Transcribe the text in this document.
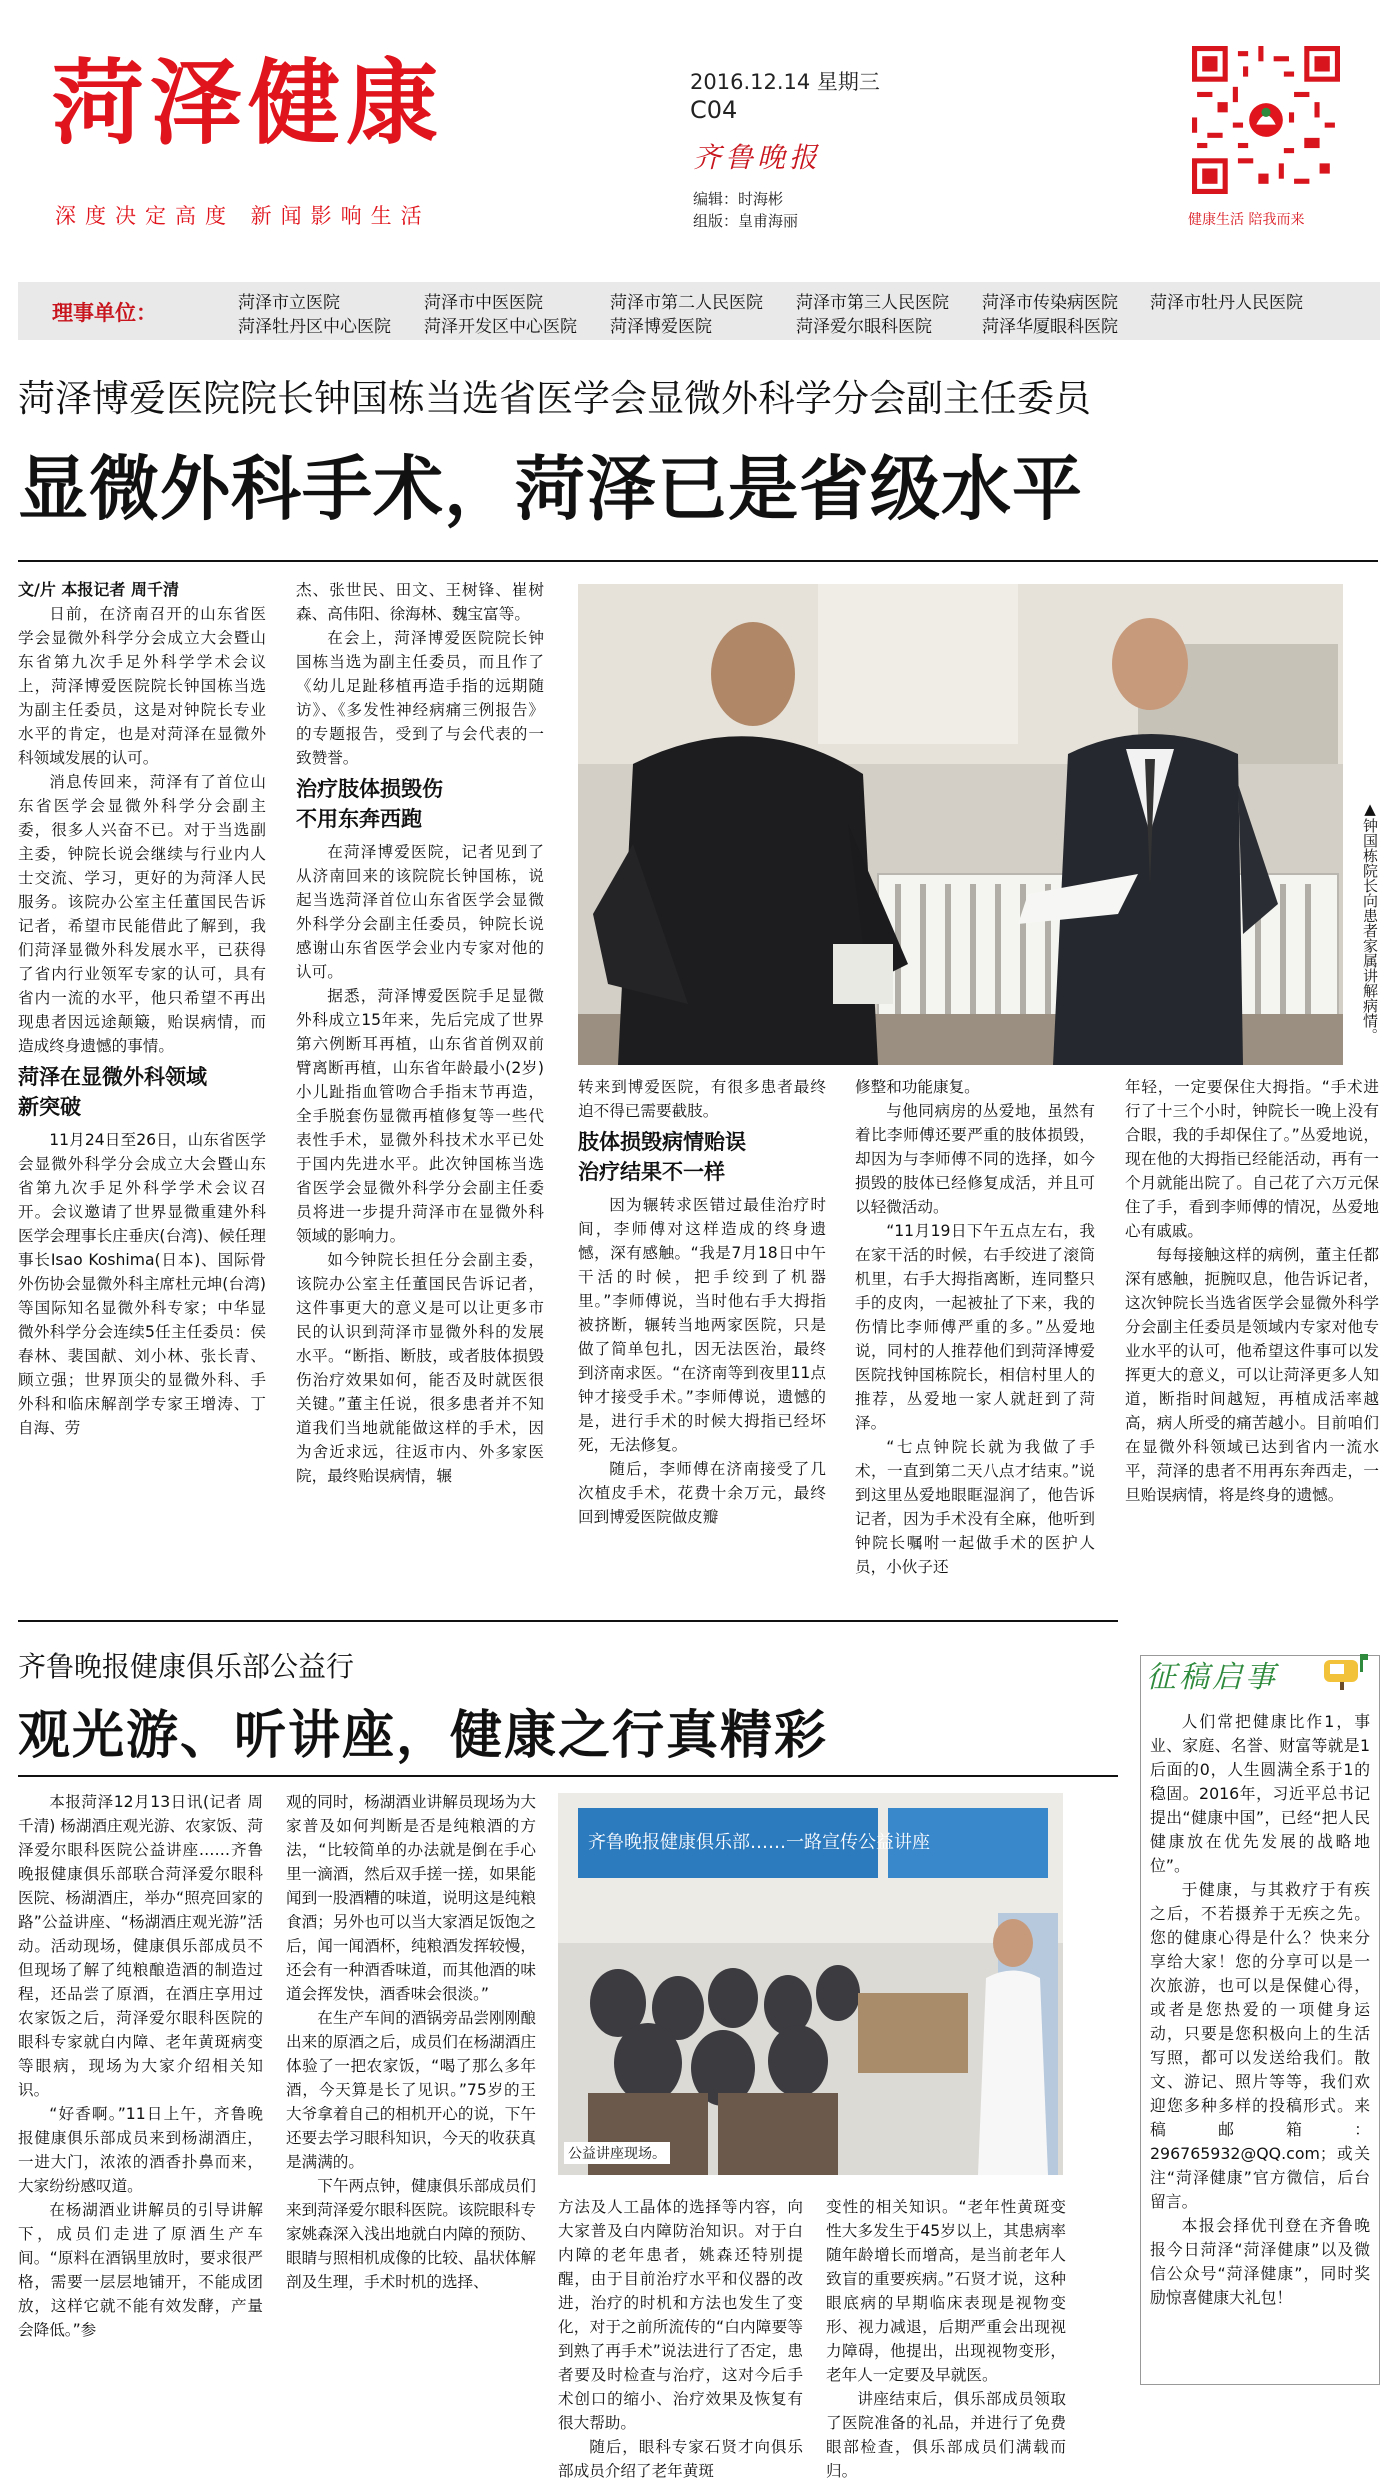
菏泽健康
深度决定高度 新闻影响生活
2016.12.14 星期三
C04
齐鲁晚报
编辑：时海彬
组版：皇甫海丽	健康生活 陪我而来
理事单位：	菏泽市立医院	菏泽市中医医院	菏泽市第二人民医院 菏泽市第三人民医院 菏泽市传染病医院 菏泽市牡丹人民医院
菏泽牡丹区中心医院 菏泽开发区中心医院 菏泽博爱医院	菏泽爱尔眼科医院	菏泽华厦眼科医院
菏泽博爱医院院长钟国栋当选省医学会显微外科学分会副主任委员
显微外科手术，菏泽已是省级水平

文/片 本报记者 周千清

日前，在济南召开的山东省医学会显微外科学分会成立大会暨山东省第九次手足外科学学术会议上，菏泽博爱医院院长钟国栋当选为副主任委员，这是对钟院长专业水平的肯定，也是对菏泽在显微外科领域发展的认可。

消息传回来，菏泽有了首位山东省医学会显微外科学分会副主委，很多人兴奋不已。对于当选副主委，钟院长说会继续与行业内人士交流、学习，更好的为菏泽人民服务。该院办公室主任董国民告诉记者，希望市民能借此了解到，我们菏泽显微外科发展水平，已获得了省内行业领军专家的认可，具有省内一流的水平，他只希望不再出现患者因远途颠簸，贻误病情，而造成终身遗憾的事情。

菏泽在显微外科领域
新突破

11月24日至26日，山东省医学会显微外科学分会成立大会暨山东省第九次手足外科学学术会议召开。会议邀请了世界显微重建外科医学会理事长庄垂庆(台湾)、候任理事长Isao Koshima(日本)、国际骨外伤协会显微外科主席杜元坤(台湾)等国际知名显微外科专家；中华显微外科学分会连续5任主任委员：侯春林、裴国献、刘小林、张长青、顾立强；世界顶尖的显微外科、手外科和临床解剖学专家王增涛、丁自海、劳

杰、张世民、田文、王树锋、崔树森、高伟阳、徐海林、魏宝富等。

在会上，菏泽博爱医院院长钟国栋当选为副主任委员，而且作了《幼儿足趾移植再造手指的远期随访》、《多发性神经病痛三例报告》的专题报告，受到了与会代表的一致赞誉。

治疗肢体损毁伤
不用东奔西跑

在菏泽博爱医院，记者见到了从济南回来的该院院长钟国栋，说起当选菏泽首位山东省医学会显微外科学分会副主任委员，钟院长说感谢山东省医学会业内专家对他的认可。

据悉，菏泽博爱医院手足显微外科成立15年来，先后完成了世界第六例断耳再植，山东省首例双前臂离断再植，山东省年龄最小(2岁)小儿趾指血管吻合手指末节再造，全手脱套伤显微再植修复等一些代表性手术，显微外科技术水平已处于国内先进水平。此次钟国栋当选省医学会显微外科学分会副主任委员将进一步提升菏泽市在显微外科领域的影响力。

如今钟院长担任分会副主委，该院办公室主任董国民告诉记者，这件事更大的意义是可以让更多市民的认识到菏泽市显微外科的发展水平。“断指、断肢，或者肢体损毁伤治疗效果如何，能否及时就医很关键。”董主任说，很多患者并不知道我们当地就能做这样的手术，因为舍近求远，往返市内、外多家医院，最终贻误病情，辗

▲钟国栋院长向患者家属讲解病情。

转来到博爱医院，有很多患者最终迫不得已需要截肢。

肢体损毁病情贻误
治疗结果不一样

因为辗转求医错过最佳治疗时间，李师傅对这样造成的终身遗憾，深有感触。“我是7月18日中午干活的时候，把手绞到了机器里。”李师傅说，当时他右手大拇指被挤断，辗转当地两家医院，只是做了简单包扎，因无法医治，最终到济南求医。“在济南等到夜里11点钟才接受手术。”李师傅说，遗憾的是，进行手术的时候大拇指已经坏死，无法修复。

随后，李师傅在济南接受了几次植皮手术，花费十余万元，最终回到博爱医院做皮瓣

修整和功能康复。

与他同病房的丛爱地，虽然有着比李师傅还要严重的肢体损毁，却因为与李师傅不同的选择，如今损毁的肢体已经修复成活，并且可以轻微活动。

“11月19日下午五点左右，我在家干活的时候，右手绞进了滚筒机里，右手大拇指离断，连同整只手的皮肉，一起被扯了下来，我的伤情比李师傅严重的多。”丛爱地说，同村的人推荐他们到菏泽博爱医院找钟国栋院长，相信村里人的推荐，丛爱地一家人就赶到了菏泽。

“七点钟院长就为我做了手术，一直到第二天八点才结束。”说到这里丛爱地眼眶湿润了，他告诉记者，因为手术没有全麻，他听到钟院长嘱咐一起做手术的医护人员，小伙子还

年轻，一定要保住大拇指。“手术进行了十三个小时，钟院长一晚上没有合眼，我的手却保住了。”丛爱地说，现在他的大拇指已经能活动，再有一个月就能出院了。自己花了六万元保住了手，看到李师傅的情况，丛爱地心有戚戚。

每每接触这样的病例，董主任都深有感触，扼腕叹息，他告诉记者，这次钟院长当选省医学会显微外科学分会副主任委员是领域内专家对他专业水平的认可，他希望这件事可以发挥更大的意义，可以让菏泽更多人知道，断指时间越短，再植成活率越高，病人所受的痛苦越小。目前咱们在显微外科领域已达到省内一流水平，菏泽的患者不用再东奔西走，一旦贻误病情，将是终身的遗憾。

齐鲁晚报健康俱乐部公益行
观光游、听讲座，健康之行真精彩

本报菏泽12月13日讯(记者 周千清) 杨湖酒庄观光游、农家饭、菏泽爱尔眼科医院公益讲座……齐鲁晚报健康俱乐部联合菏泽爱尔眼科医院、杨湖酒庄，举办“照亮回家的路”公益讲座、“杨湖酒庄观光游”活动。活动现场，健康俱乐部成员不但现场了解了纯粮酿造酒的制造过程，还品尝了原酒，在酒庄享用过农家饭之后，菏泽爱尔眼科医院的眼科专家就白内障、老年黄斑病变等眼病，现场为大家介绍相关知识。

“好香啊。”11日上午，齐鲁晚报健康俱乐部成员来到杨湖酒庄，一进大门，浓浓的酒香扑鼻而来，大家纷纷感叹道。

在杨湖酒业讲解员的引导讲解下，成员们走进了原酒生产车间。“原料在酒锅里放时，要求很严格，需要一层层地铺开，不能成团放，这样它就不能有效发酵，产量会降低。”参

观的同时，杨湖酒业讲解员现场为大家普及如何判断是否是纯粮酒的方法，“比较简单的办法就是倒在手心里一滴酒，然后双手搓一搓，如果能闻到一股酒糟的味道，说明这是纯粮食酒；另外也可以当大家酒足饭饱之后，闻一闻酒杯，纯粮酒发挥较慢，还会有一种酒香味道，而其他酒的味道会挥发快，酒香味会很淡。”

在生产车间的酒锅旁品尝刚刚酿出来的原酒之后，成员们在杨湖酒庄体验了一把农家饭，“喝了那么多年酒，今天算是长了见识。”75岁的王大爷拿着自己的相机开心的说，下午还要去学习眼科知识，今天的收获真是满满的。

下午两点钟，健康俱乐部成员们来到菏泽爱尔眼科医院。该院眼科专家姚森深入浅出地就白内障的预防、眼睛与照相机成像的比较、晶状体解剖及生理，手术时机的选择、

齐鲁晚报健康俱乐部……一路宣传公益讲座
公益讲座现场。

方法及人工晶体的选择等内容，向大家普及白内障防治知识。对于白内障的老年患者，姚森还特别提醒，由于目前治疗水平和仪器的改进，治疗的时机和方法也发生了变化，对于之前所流传的“白内障要等到熟了再手术”说法进行了否定，患者要及时检查与治疗，这对今后手术创口的缩小、治疗效果及恢复有很大帮助。

随后，眼科专家石贤才向俱乐部成员介绍了老年黄斑

变性的相关知识。“老年性黄斑变性大多发生于45岁以上，其患病率随年龄增长而增高，是当前老年人致盲的重要疾病。”石贤才说，这种眼底病的早期临床表现是视物变形、视力减退，后期严重会出现视力障碍，他提出，出现视物变形，老年人一定要及早就医。

讲座结束后，俱乐部成员领取了医院准备的礼品，并进行了免费眼部检查，俱乐部成员们满载而归。

征稿启事

人们常把健康比作1，事业、家庭、名誉、财富等就是1后面的0，人生圆满全系于1的稳固。2016年，习近平总书记提出“健康中国”，已经“把人民健康放在优先发展的战略地位”。

于健康，与其救疗于有疾之后，不若摄养于无疾之先。您的健康心得是什么？快来分享给大家！您的分享可以是一次旅游，也可以是保健心得，或者是您热爱的一项健身运动，只要是您积极向上的生活写照，都可以发送给我们。散文、游记、照片等等，我们欢迎您多种多样的投稿形式。来稿邮箱：296765932@QQ.com；或关注“菏泽健康”官方微信，后台留言。

本报会择优刊登在齐鲁晚报今日菏泽“菏泽健康”以及微信公众号“菏泽健康”，同时奖励惊喜健康大礼包！
